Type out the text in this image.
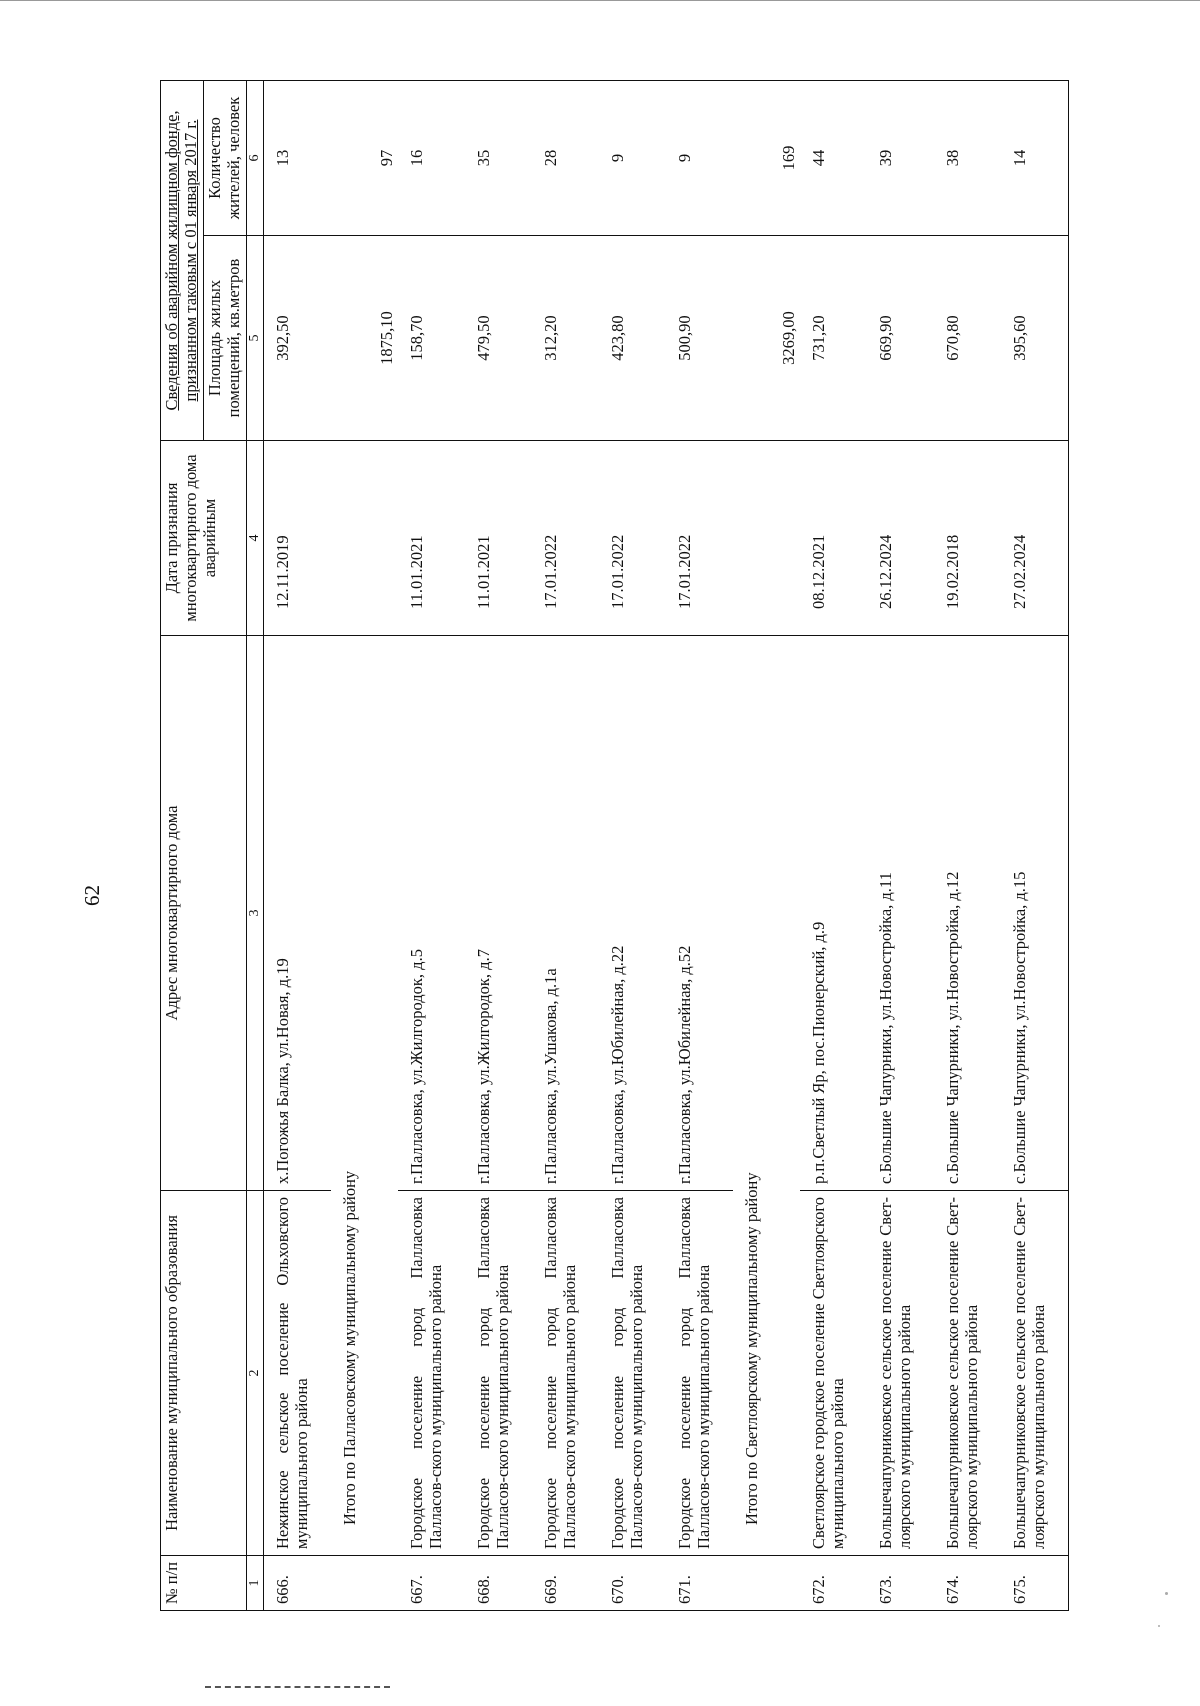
62
№ п/п	Наименование муниципального образования	Адрес многоквартирного дома	Дата признания многоквартирного дома аварийным	Сведения об аварийном жилищном фонде, признанном таковым с 01 января 2017 г.	
				Площадь жилых помещений, кв.метров	Количество жителей, человек
1	2	3	4	5	6
666.	Нежинское сельское поселение Ольховского муниципального района	х.Погожья Балка, ул.Новая, д.19	12.11.2019	392,50	13
	Итого по Палласовскому муниципальному району			1875,10	97
667.	Городское поселение город Палласовка Палласов-ского муниципального района	г.Палласовка, ул.Жилгородок, д.5	11.01.2021	158,70	16
668.	Городское поселение город Палласовка Палласов-ского муниципального района	г.Палласовка, ул.Жилгородок, д.7	11.01.2021	479,50	35
669.	Городское поселение город Палласовка Палласов-ского муниципального района	г.Палласовка, ул.Ушакова, д.1а	17.01.2022	312,20	28
670.	Городское поселение город Палласовка Палласов-ского муниципального района	г.Палласовка, ул.Юбилейная, д.22	17.01.2022	423,80	9
671.	Городское поселение город Палласовка Палласов-ского муниципального района	г.Палласовка, ул.Юбилейная, д.52	17.01.2022	500,90	9
	Итого по Светлоярскому муниципальному району			3269,00	169
672.	Светлоярское городское поселение Светлоярского муниципального района	р.п.Светлый Яр, пос.Пионерский, д.9	08.12.2021	731,20	44
673.	Большечапурниковское сельское поселение Свет-лоярского муниципального района	с.Большие Чапурники, ул.Новостройка, д.11	26.12.2024	669,90	39
674.	Большечапурниковское сельское поселение Свет-лоярского муниципального района	с.Большие Чапурники, ул.Новостройка, д.12	19.02.2018	670,80	38
675.	Большечапурниковское сельское поселение Свет-лоярского муниципального района	с.Большие Чапурники, ул.Новостройка, д.15	27.02.2024	395,60	14
